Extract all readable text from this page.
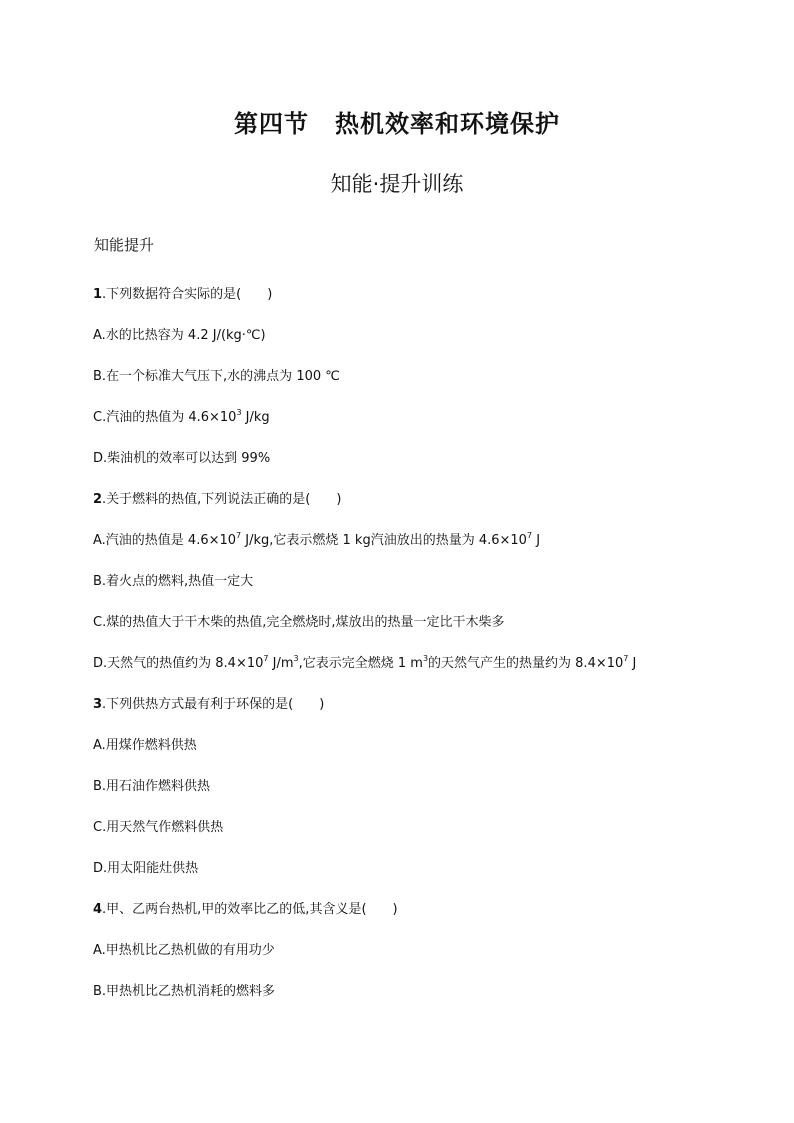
第四节 热机效率和环境保护
知能·提升训练
知能提升
1.下列数据符合实际的是(　　)
A.水的比热容为 4.2 J/(kg·℃)
B.在一个标准大气压下,水的沸点为 100 ℃
C.汽油的热值为 $4.6\times 10^3$ J/kg
D.柴油机的效率可以达到 99%
2.关于燃料的热值,下列说法正确的是(　　)
A.汽油的热值是 $4.6\times 10^7$ J/kg,它表示燃烧 1 kg汽油放出的热量为 $4.6\times 10^7$ J
B.着火点的燃料,热值一定大
C.煤的热值大于干木柴的热值,完全燃烧时,煤放出的热量一定比干木柴多
D.天然气的热值约为 $8.4\times 10^7$ $J/m^3$,它表示完全燃烧 1 $m^3$的天然气产生的热量约为 $8.4\times 10^7$ J
3.下列供热方式最有利于环保的是(　　)
A.用煤作燃料供热
B.用石油作燃料供热
C.用天然气作燃料供热
D.用太阳能灶供热
4.甲、乙两台热机,甲的效率比乙的低,其含义是(　　)
A.甲热机比乙热机做的有用功少
B.甲热机比乙热机消耗的燃料多
